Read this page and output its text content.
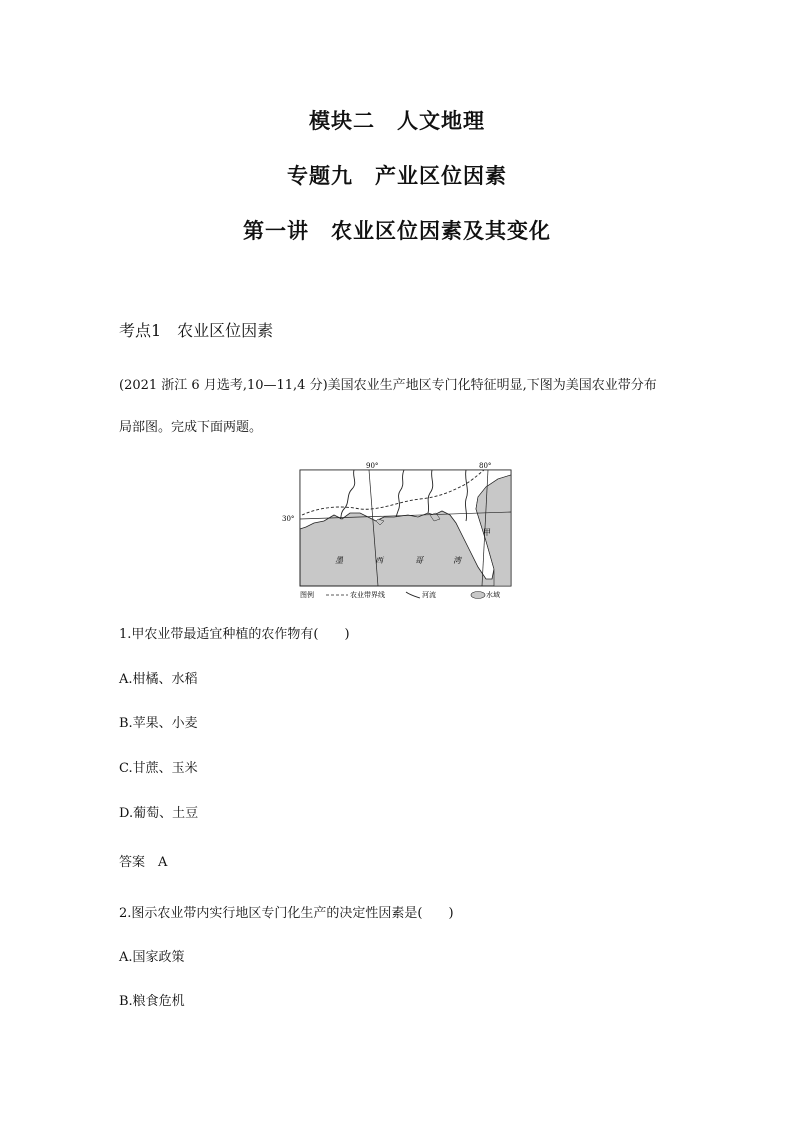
模块二　人文地理
专题九　产业区位因素
第一讲　农业区位因素及其变化
考点1　农业区位因素
(2021 浙江 6 月选考,10—11,4 分)美国农业生产地区专门化特征明显,下图为美国农业带分布
局部图。完成下面两题。
90°	80°
30°
甲
墨	西	哥	湾
图例	农业带界线	河流	水域
1.甲农业带最适宜种植的农作物有(　　)
A.柑橘、水稻
B.苹果、小麦
C.甘蔗、玉米
D.葡萄、土豆
答案　A
2.图示农业带内实行地区专门化生产的决定性因素是(　　)
A.国家政策
B.粮食危机
